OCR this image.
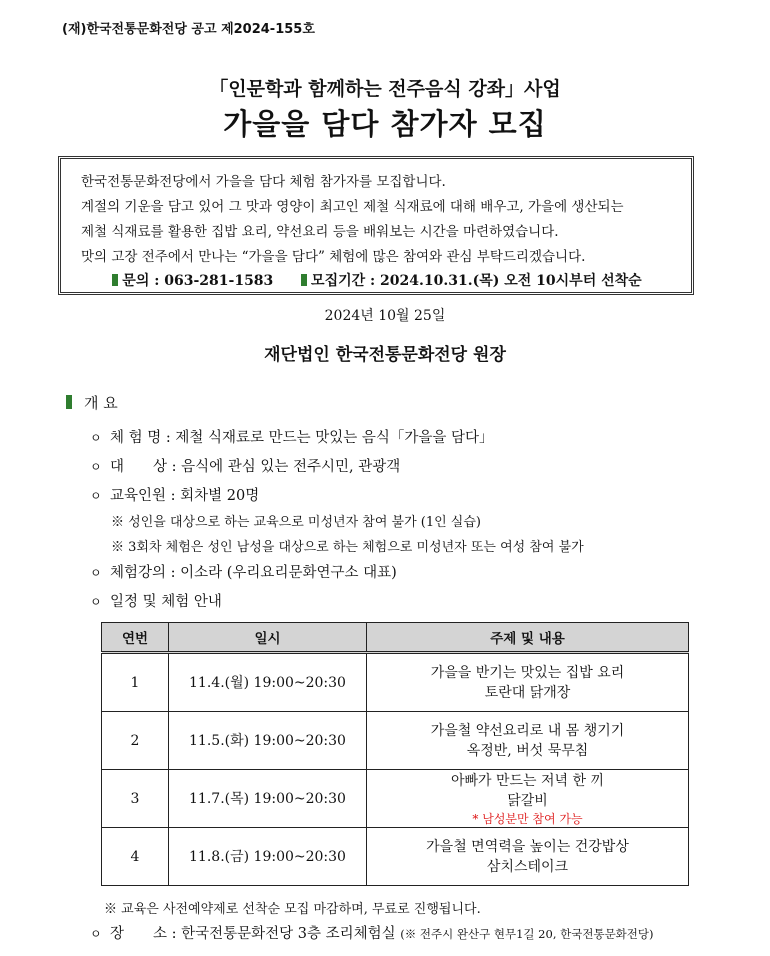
(재)한국전통문화전당 공고 제2024-155호
「인문학과 함께하는 전주음식 강좌」사업
가을을 담다 참가자 모집
한국전통문화전당에서 가을을 담다 체험 참가자를 모집합니다.
계절의 기운을 담고 있어 그 맛과 영양이 최고인 제철 식재료에 대해 배우고, 가을에 생산되는
제철 식재료를 활용한 집밥 요리, 약선요리 등을 배워보는 시간을 마련하였습니다.
맛의 고장 전주에서 만나는 “가을을 담다” 체험에 많은 참여와 관심 부탁드리겠습니다.
문의 : 063-281-1583	모집기간 : 2024.10.31.(목) 오전 10시부터 선착순
2024년 10월 25일
재단법인 한국전통문화전당 원장
개 요
ㅇ 체 험 명 : 제철 식재료로 만드는 맛있는 음식「가을을 담다」
ㅇ 대　　상 : 음식에 관심 있는 전주시민, 관광객
ㅇ 교육인원 : 회차별 20명
※ 성인을 대상으로 하는 교육으로 미성년자 참여 불가 (1인 실습)
※ 3회차 체험은 성인 남성을 대상으로 하는 체험으로 미성년자 또는 여성 참여 불가
ㅇ 체험강의 : 이소라 (우리요리문화연구소 대표)
ㅇ 일정 및 체험 안내
연번	일시	주제 및 내용
1	11.4.(월) 19:00~20:30	가을을 반기는 맛있는 집밥 요리
토란대 닭개장

2	11.5.(화) 19:00~20:30	가을철 약선요리로 내 몸 챙기기
옥정반, 버섯 묵무침

3	11.7.(목) 19:00~20:30	아빠가 만드는 저녁 한 끼
닭갈비
* 남성분만 참여 가능

4	11.8.(금) 19:00~20:30	가을철 면역력을 높이는 건강밥상
삼치스테이크
※ 교육은 사전예약제로 선착순 모집 마감하며, 무료로 진행됩니다.
ㅇ 장　　소 : 한국전통문화전당 3층 조리체험실 (※ 전주시 완산구 현무1길 20, 한국전통문화전당)
